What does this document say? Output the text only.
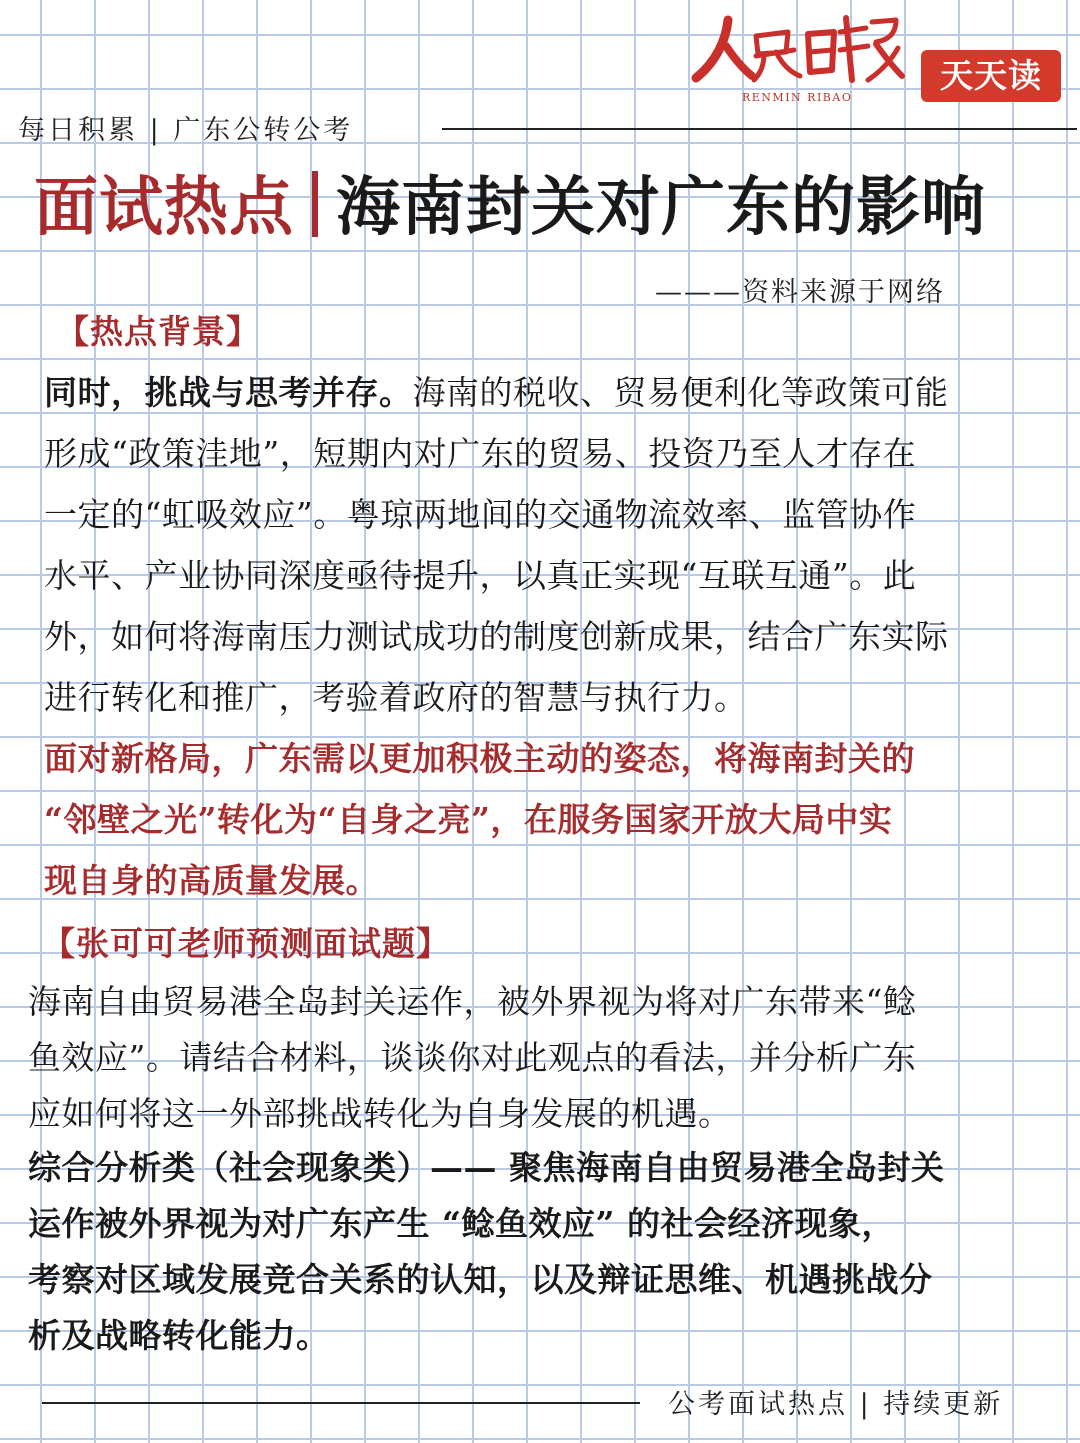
RENMIN RIBAO
天天读
每日积累 | 广东公转公考
面试热点 海南封关对广东的影响
———资料来源于网络
【热点背景】
同时，挑战与思考并存。海南的税收、贸易便利化等政策可能
形成“政策洼地”，短期内对广东的贸易、投资乃至人才存在
一定的“虹吸效应”。粤琼两地间的交通物流效率、监管协作
水平、产业协同深度亟待提升，以真正实现“互联互通”。此
外，如何将海南压力测试成功的制度创新成果，结合广东实际
进行转化和推广，考验着政府的智慧与执行力。
面对新格局，广东需以更加积极主动的姿态，将海南封关的
“邻壁之光”转化为“自身之亮”，在服务国家开放大局中实
现自身的高质量发展。
【张可可老师预测面试题】
海南自由贸易港全岛封关运作，被外界视为将对广东带来“鲶
鱼效应”。请结合材料，谈谈你对此观点的看法，并分析广东
应如何将这一外部挑战转化为自身发展的机遇。
综合分析类（社会现象类）—— 聚焦海南自由贸易港全岛封关
运作被外界视为对广东产生 “鲶鱼效应” 的社会经济现象，
考察对区域发展竞合关系的认知，以及辩证思维、机遇挑战分
析及战略转化能力。
公考面试热点 | 持续更新
